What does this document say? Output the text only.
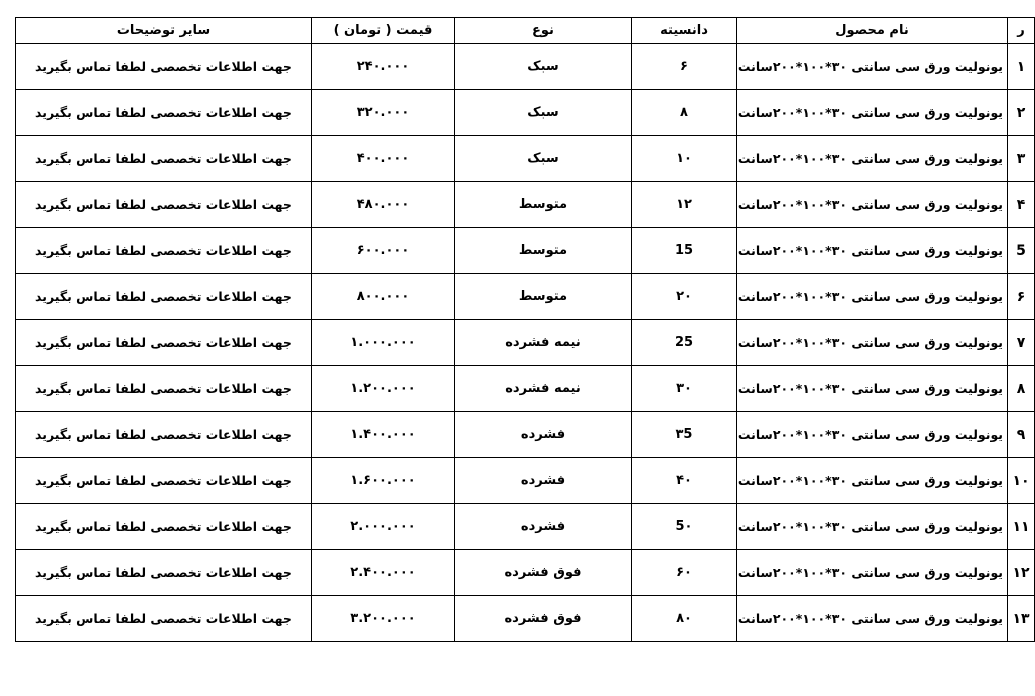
ر	نام محصول	دانسیته	نوع	قیمت ( تومان )	سایر توضیحات
۱	یونولیت ورق سی سانتی ۳۰*۱۰۰*۲۰۰سانت	۶	سبک	۲۴۰.۰۰۰	جهت اطلاعات تخصصی لطفا تماس بگیرید
۲	یونولیت ورق سی سانتی ۳۰*۱۰۰*۲۰۰سانت	۸	سبک	۳۲۰.۰۰۰	جهت اطلاعات تخصصی لطفا تماس بگیرید
۳	یونولیت ورق سی سانتی ۳۰*۱۰۰*۲۰۰سانت	۱۰	سبک	۴۰۰.۰۰۰	جهت اطلاعات تخصصی لطفا تماس بگیرید
۴	یونولیت ورق سی سانتی ۳۰*۱۰۰*۲۰۰سانت	۱۲	متوسط	۴۸۰.۰۰۰	جهت اطلاعات تخصصی لطفا تماس بگیرید
5	یونولیت ورق سی سانتی ۳۰*۱۰۰*۲۰۰سانت	15	متوسط	۶۰۰.۰۰۰	جهت اطلاعات تخصصی لطفا تماس بگیرید
۶	یونولیت ورق سی سانتی ۳۰*۱۰۰*۲۰۰سانت	۲۰	متوسط	۸۰۰.۰۰۰	جهت اطلاعات تخصصی لطفا تماس بگیرید
۷	یونولیت ورق سی سانتی ۳۰*۱۰۰*۲۰۰سانت	25	نیمه فشرده	۱.۰۰۰.۰۰۰	جهت اطلاعات تخصصی لطفا تماس بگیرید
۸	یونولیت ورق سی سانتی ۳۰*۱۰۰*۲۰۰سانت	۳۰	نیمه فشرده	۱.۲۰۰.۰۰۰	جهت اطلاعات تخصصی لطفا تماس بگیرید
۹	یونولیت ورق سی سانتی ۳۰*۱۰۰*۲۰۰سانت	۳5	فشرده	۱.۴۰۰.۰۰۰	جهت اطلاعات تخصصی لطفا تماس بگیرید
۱۰	یونولیت ورق سی سانتی ۳۰*۱۰۰*۲۰۰سانت	۴۰	فشرده	۱.۶۰۰.۰۰۰	جهت اطلاعات تخصصی لطفا تماس بگیرید
۱۱	یونولیت ورق سی سانتی ۳۰*۱۰۰*۲۰۰سانت	5۰	فشرده	۲.۰۰۰.۰۰۰	جهت اطلاعات تخصصی لطفا تماس بگیرید
۱۲	یونولیت ورق سی سانتی ۳۰*۱۰۰*۲۰۰سانت	۶۰	فوق فشرده	۲.۴۰۰.۰۰۰	جهت اطلاعات تخصصی لطفا تماس بگیرید
۱۳	یونولیت ورق سی سانتی ۳۰*۱۰۰*۲۰۰سانت	۸۰	فوق فشرده	۳.۲۰۰.۰۰۰	جهت اطلاعات تخصصی لطفا تماس بگیرید
